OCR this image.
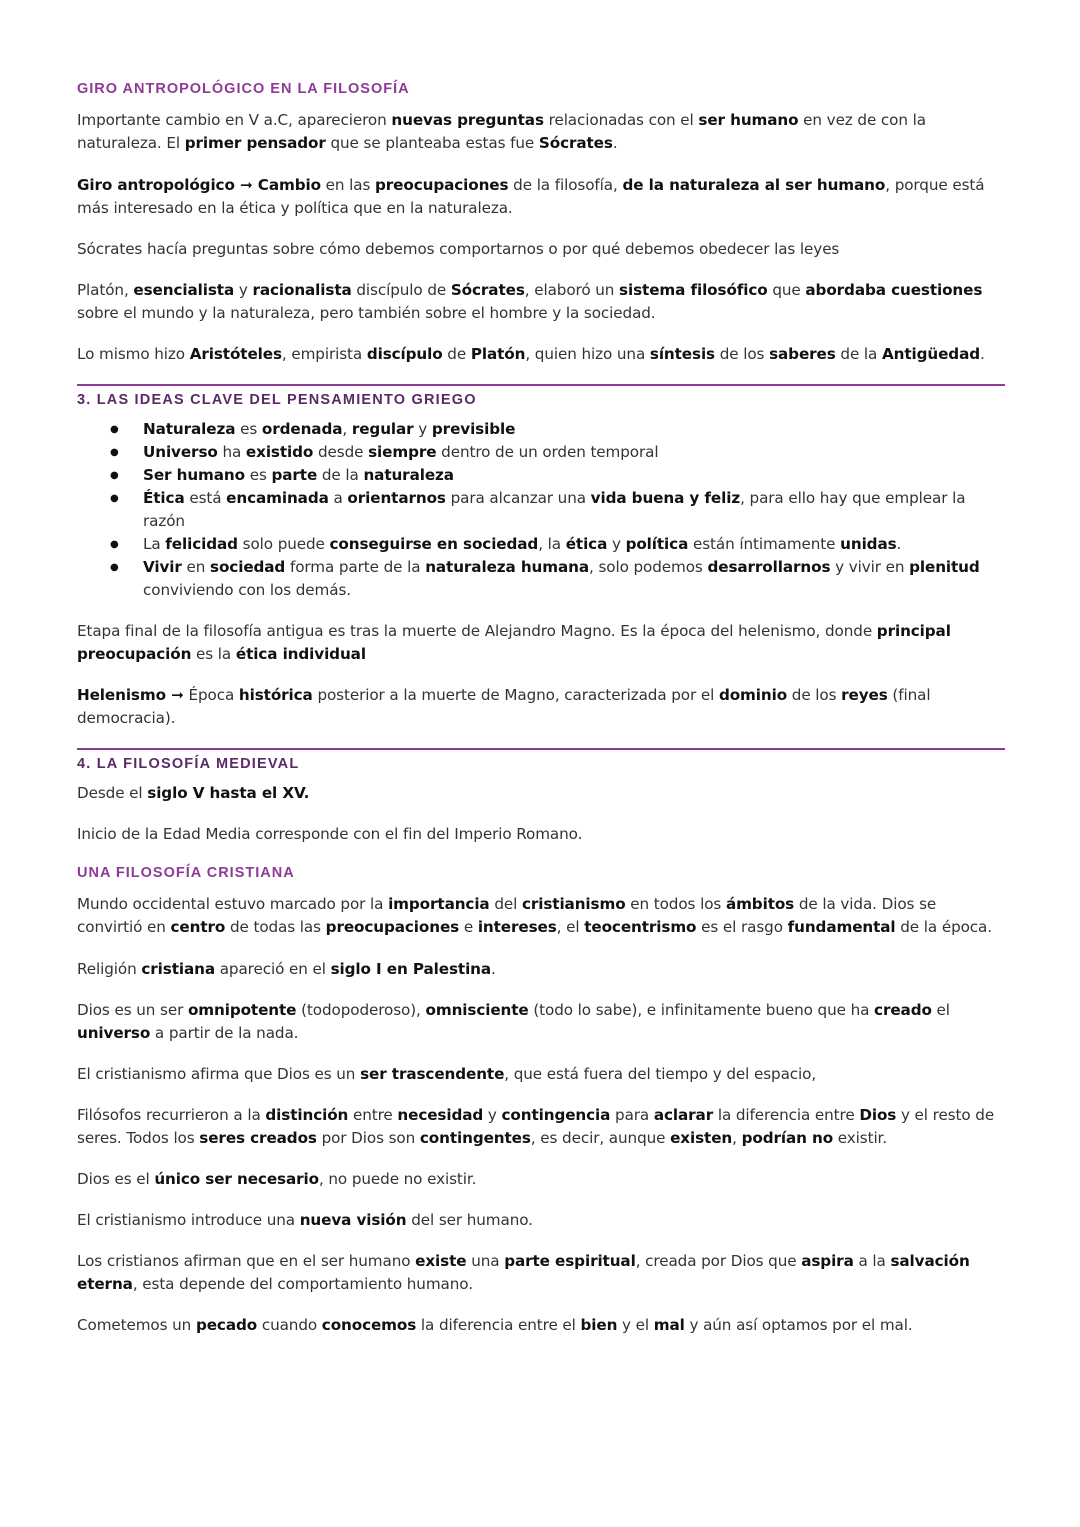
GIRO ANTROPOLÓGICO EN LA FILOSOFÍA

Importante cambio en V a.C, aparecieron nuevas preguntas relacionadas con el ser humano en vez de con la naturaleza. El primer pensador que se planteaba estas fue Sócrates.

Giro antropológico ➞ Cambio en las preocupaciones de la filosofía, de la naturaleza al ser humano, porque está más interesado en la ética y política que en la naturaleza.

Sócrates hacía preguntas sobre cómo debemos comportarnos o por qué debemos obedecer las leyes

Platón, esencialista y racionalista discípulo de Sócrates, elaboró un sistema filosófico que abordaba cuestiones sobre el mundo y la naturaleza, pero también sobre el hombre y la sociedad.

Lo mismo hizo Aristóteles, empirista discípulo de Platón, quien hizo una síntesis de los saberes de la Antigüedad.

3. LAS IDEAS CLAVE DEL PENSAMIENTO GRIEGO
● Naturaleza es ordenada, regular y previsible
● Universo ha existido desde siempre dentro de un orden temporal
● Ser humano es parte de la naturaleza
● Ética está encaminada a orientarnos para alcanzar una vida buena y feliz, para ello hay que emplear la razón
● La felicidad solo puede conseguirse en sociedad, la ética y política están íntimamente unidas.
● Vivir en sociedad forma parte de la naturaleza humana, solo podemos desarrollarnos y vivir en plenitud conviviendo con los demás.

Etapa final de la filosofía antigua es tras la muerte de Alejandro Magno. Es la época del helenismo, donde principal preocupación es la ética individual

Helenismo ➞ Época histórica posterior a la muerte de Magno, caracterizada por el dominio de los reyes (final democracia).

4. LA FILOSOFÍA MEDIEVAL

Desde el siglo V hasta el XV.

Inicio de la Edad Media corresponde con el fin del Imperio Romano.

UNA FILOSOFÍA CRISTIANA

Mundo occidental estuvo marcado por la importancia del cristianismo en todos los ámbitos de la vida. Dios se convirtió en centro de todas las preocupaciones e intereses, el teocentrismo es el rasgo fundamental de la época.

Religión cristiana apareció en el siglo I en Palestina.

Dios es un ser omnipotente (todopoderoso), omnisciente (todo lo sabe), e infinitamente bueno que ha creado el universo a partir de la nada.

El cristianismo afirma que Dios es un ser trascendente, que está fuera del tiempo y del espacio,

Filósofos recurrieron a la distinción entre necesidad y contingencia para aclarar la diferencia entre Dios y el resto de seres. Todos los seres creados por Dios son contingentes, es decir, aunque existen, podrían no existir.

Dios es el único ser necesario, no puede no existir.

El cristianismo introduce una nueva visión del ser humano.

Los cristianos afirman que en el ser humano existe una parte espiritual, creada por Dios que aspira a la salvación eterna, esta depende del comportamiento humano.

Cometemos un pecado cuando conocemos la diferencia entre el bien y el mal y aún así optamos por el mal.
